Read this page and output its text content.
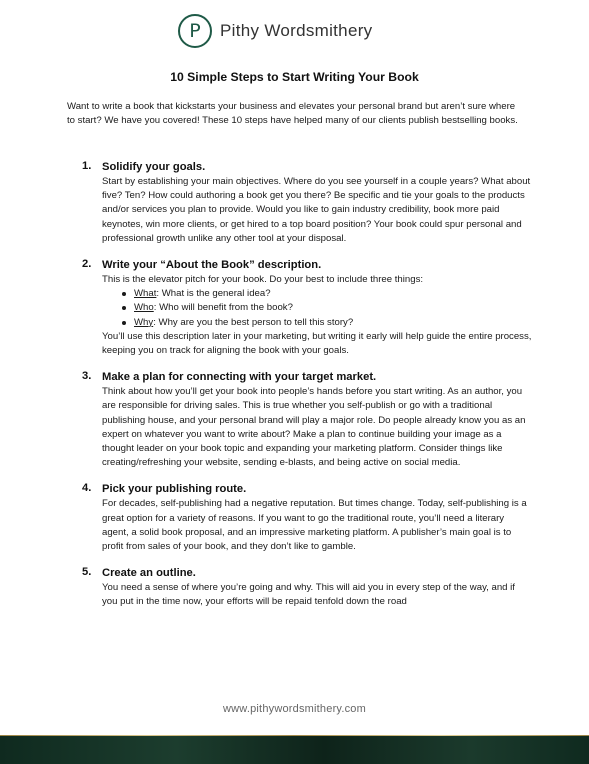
P Pithy Wordsmithery
10 Simple Steps to Start Writing Your Book
Want to write a book that kickstarts your business and elevates your personal brand but aren’t sure where to start? We have you covered! These 10 steps have helped many of our clients publish bestselling books.
1. Solidify your goals.
Start by establishing your main objectives. Where do you see yourself in a couple years? What about five? Ten? How could authoring a book get you there? Be specific and tie your goals to the products and/or services you plan to provide. Would you like to gain industry credibility, book more paid keynotes, win more clients, or get hired to a top board position? Your book could spur personal and professional growth unlike any other tool at your disposal.
2. Write your “About the Book” description.
This is the elevator pitch for your book. Do your best to include three things:
What: What is the general idea?
Who: Who will benefit from the book?
Why: Why are you the best person to tell this story?
You’ll use this description later in your marketing, but writing it early will help guide the entire process, keeping you on track for aligning the book with your goals.
3. Make a plan for connecting with your target market.
Think about how you’ll get your book into people’s hands before you start writing. As an author, you are responsible for driving sales. This is true whether you self-publish or go with a traditional publishing house, and your personal brand will play a major role. Do people already know you as an expert on whatever you want to write about? Make a plan to continue building your image as a thought leader on your book topic and expanding your marketing platform. Consider things like creating/refreshing your website, sending e-blasts, and being active on social media.
4. Pick your publishing route.
For decades, self-publishing had a negative reputation. But times change. Today, self-publishing is a great option for a variety of reasons. If you want to go the traditional route, you’ll need a literary agent, a solid book proposal, and an impressive marketing platform. A publisher’s main goal is to profit from sales of your book, and they don’t like to gamble.
5. Create an outline.
You need a sense of where you’re going and why. This will aid you in every step of the way, and if you put in the time now, your efforts will be repaid tenfold down the road
www.pithywordsmithery.com
